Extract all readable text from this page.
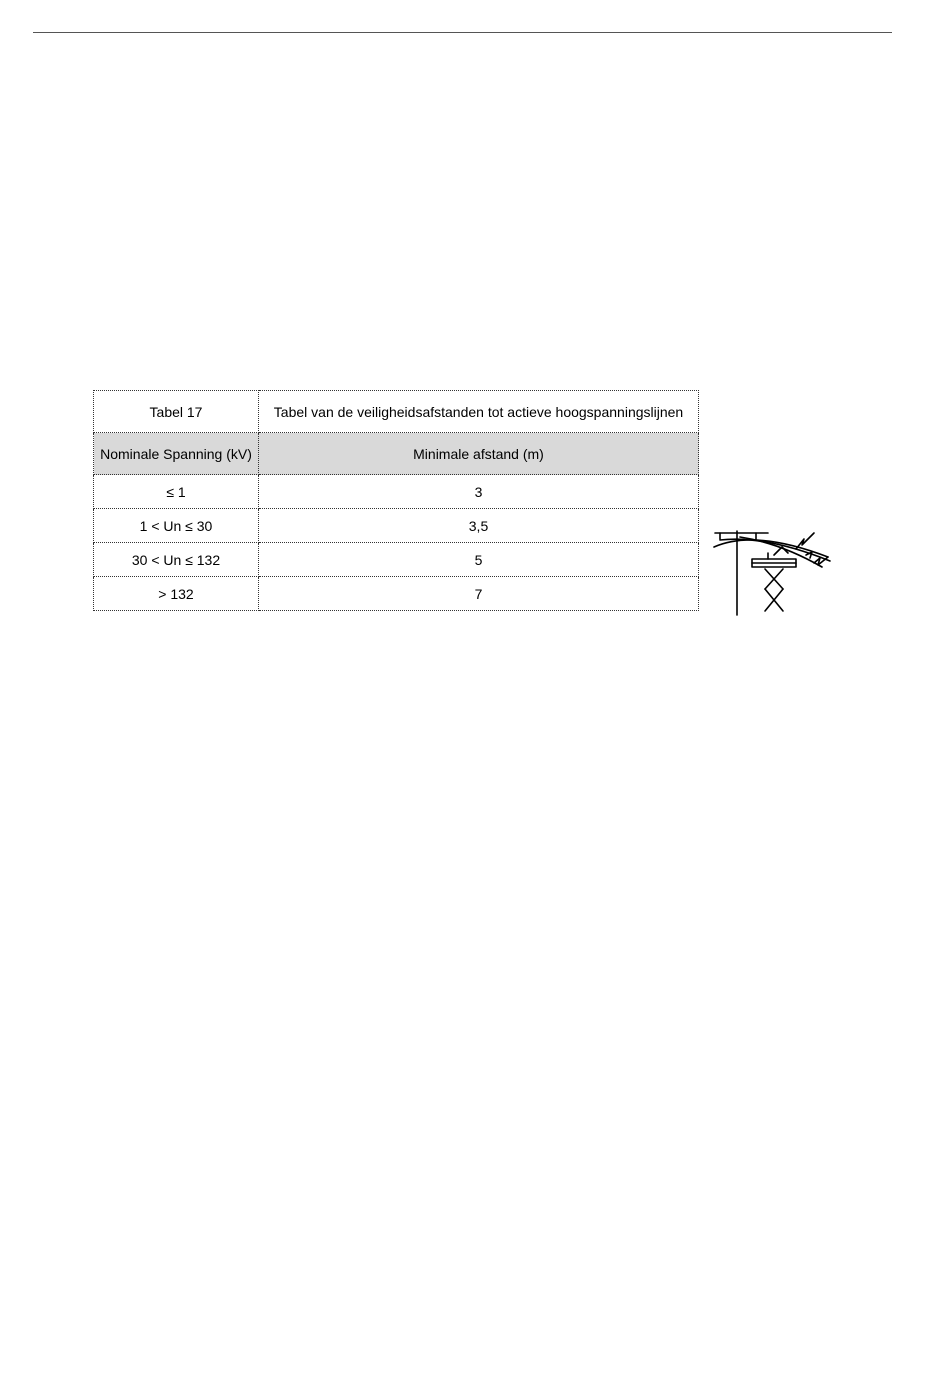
Tabel 17	Tabel van de veiligheidsafstanden tot actieve hoogspanningslijnen
Nominale Spanning (kV)	Minimale afstand (m)
≤ 1	3
1 < Un ≤ 30	3,5
30 < Un ≤ 132	5
> 132	7
